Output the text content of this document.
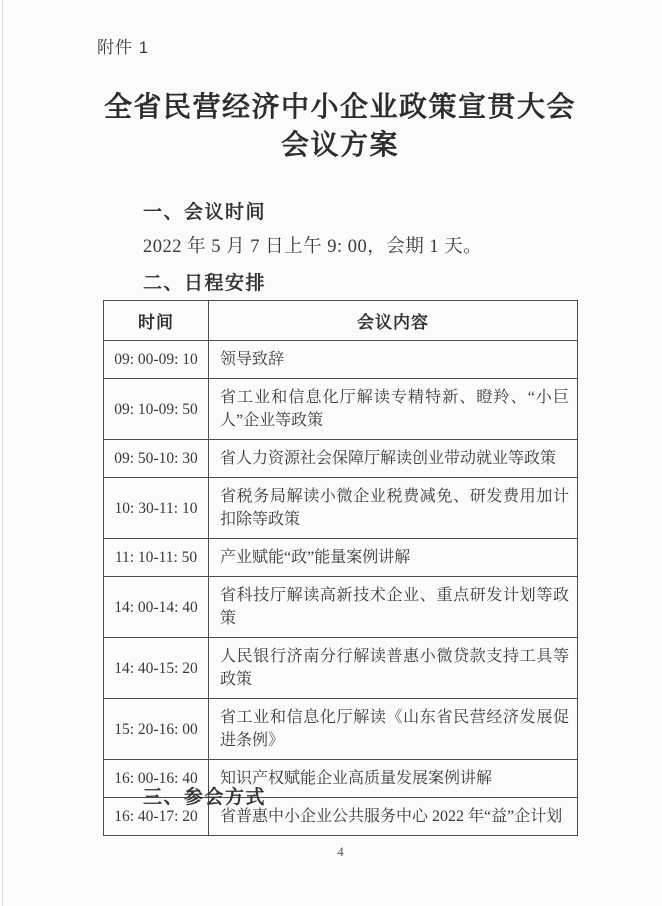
附件 1
全省民营经济中小企业政策宣贯大会
会议方案
一、会议时间
2022 年 5 月 7 日上午 9: 00，会期 1 天。
二、日程安排
时间	会议内容
09: 00-09: 10	领导致辞
09: 10-09: 50	省工业和信息化厅解读专精特新、瞪羚、“小巨人”企业等政策
09: 50-10: 30	省人力资源社会保障厅解读创业带动就业等政策
10: 30-11: 10	省税务局解读小微企业税费减免、研发费用加计扣除等政策
11: 10-11: 50	产业赋能“政”能量案例讲解
14: 00-14: 40	省科技厅解读高新技术企业、重点研发计划等政策
14: 40-15: 20	人民银行济南分行解读普惠小微贷款支持工具等政策
15: 20-16: 00	省工业和信息化厅解读《山东省民营经济发展促进条例》
16: 00-16: 40	知识产权赋能企业高质量发展案例讲解
16: 40-17: 20	省普惠中小企业公共服务中心 2022 年“益”企计划
三、参会方式
4
